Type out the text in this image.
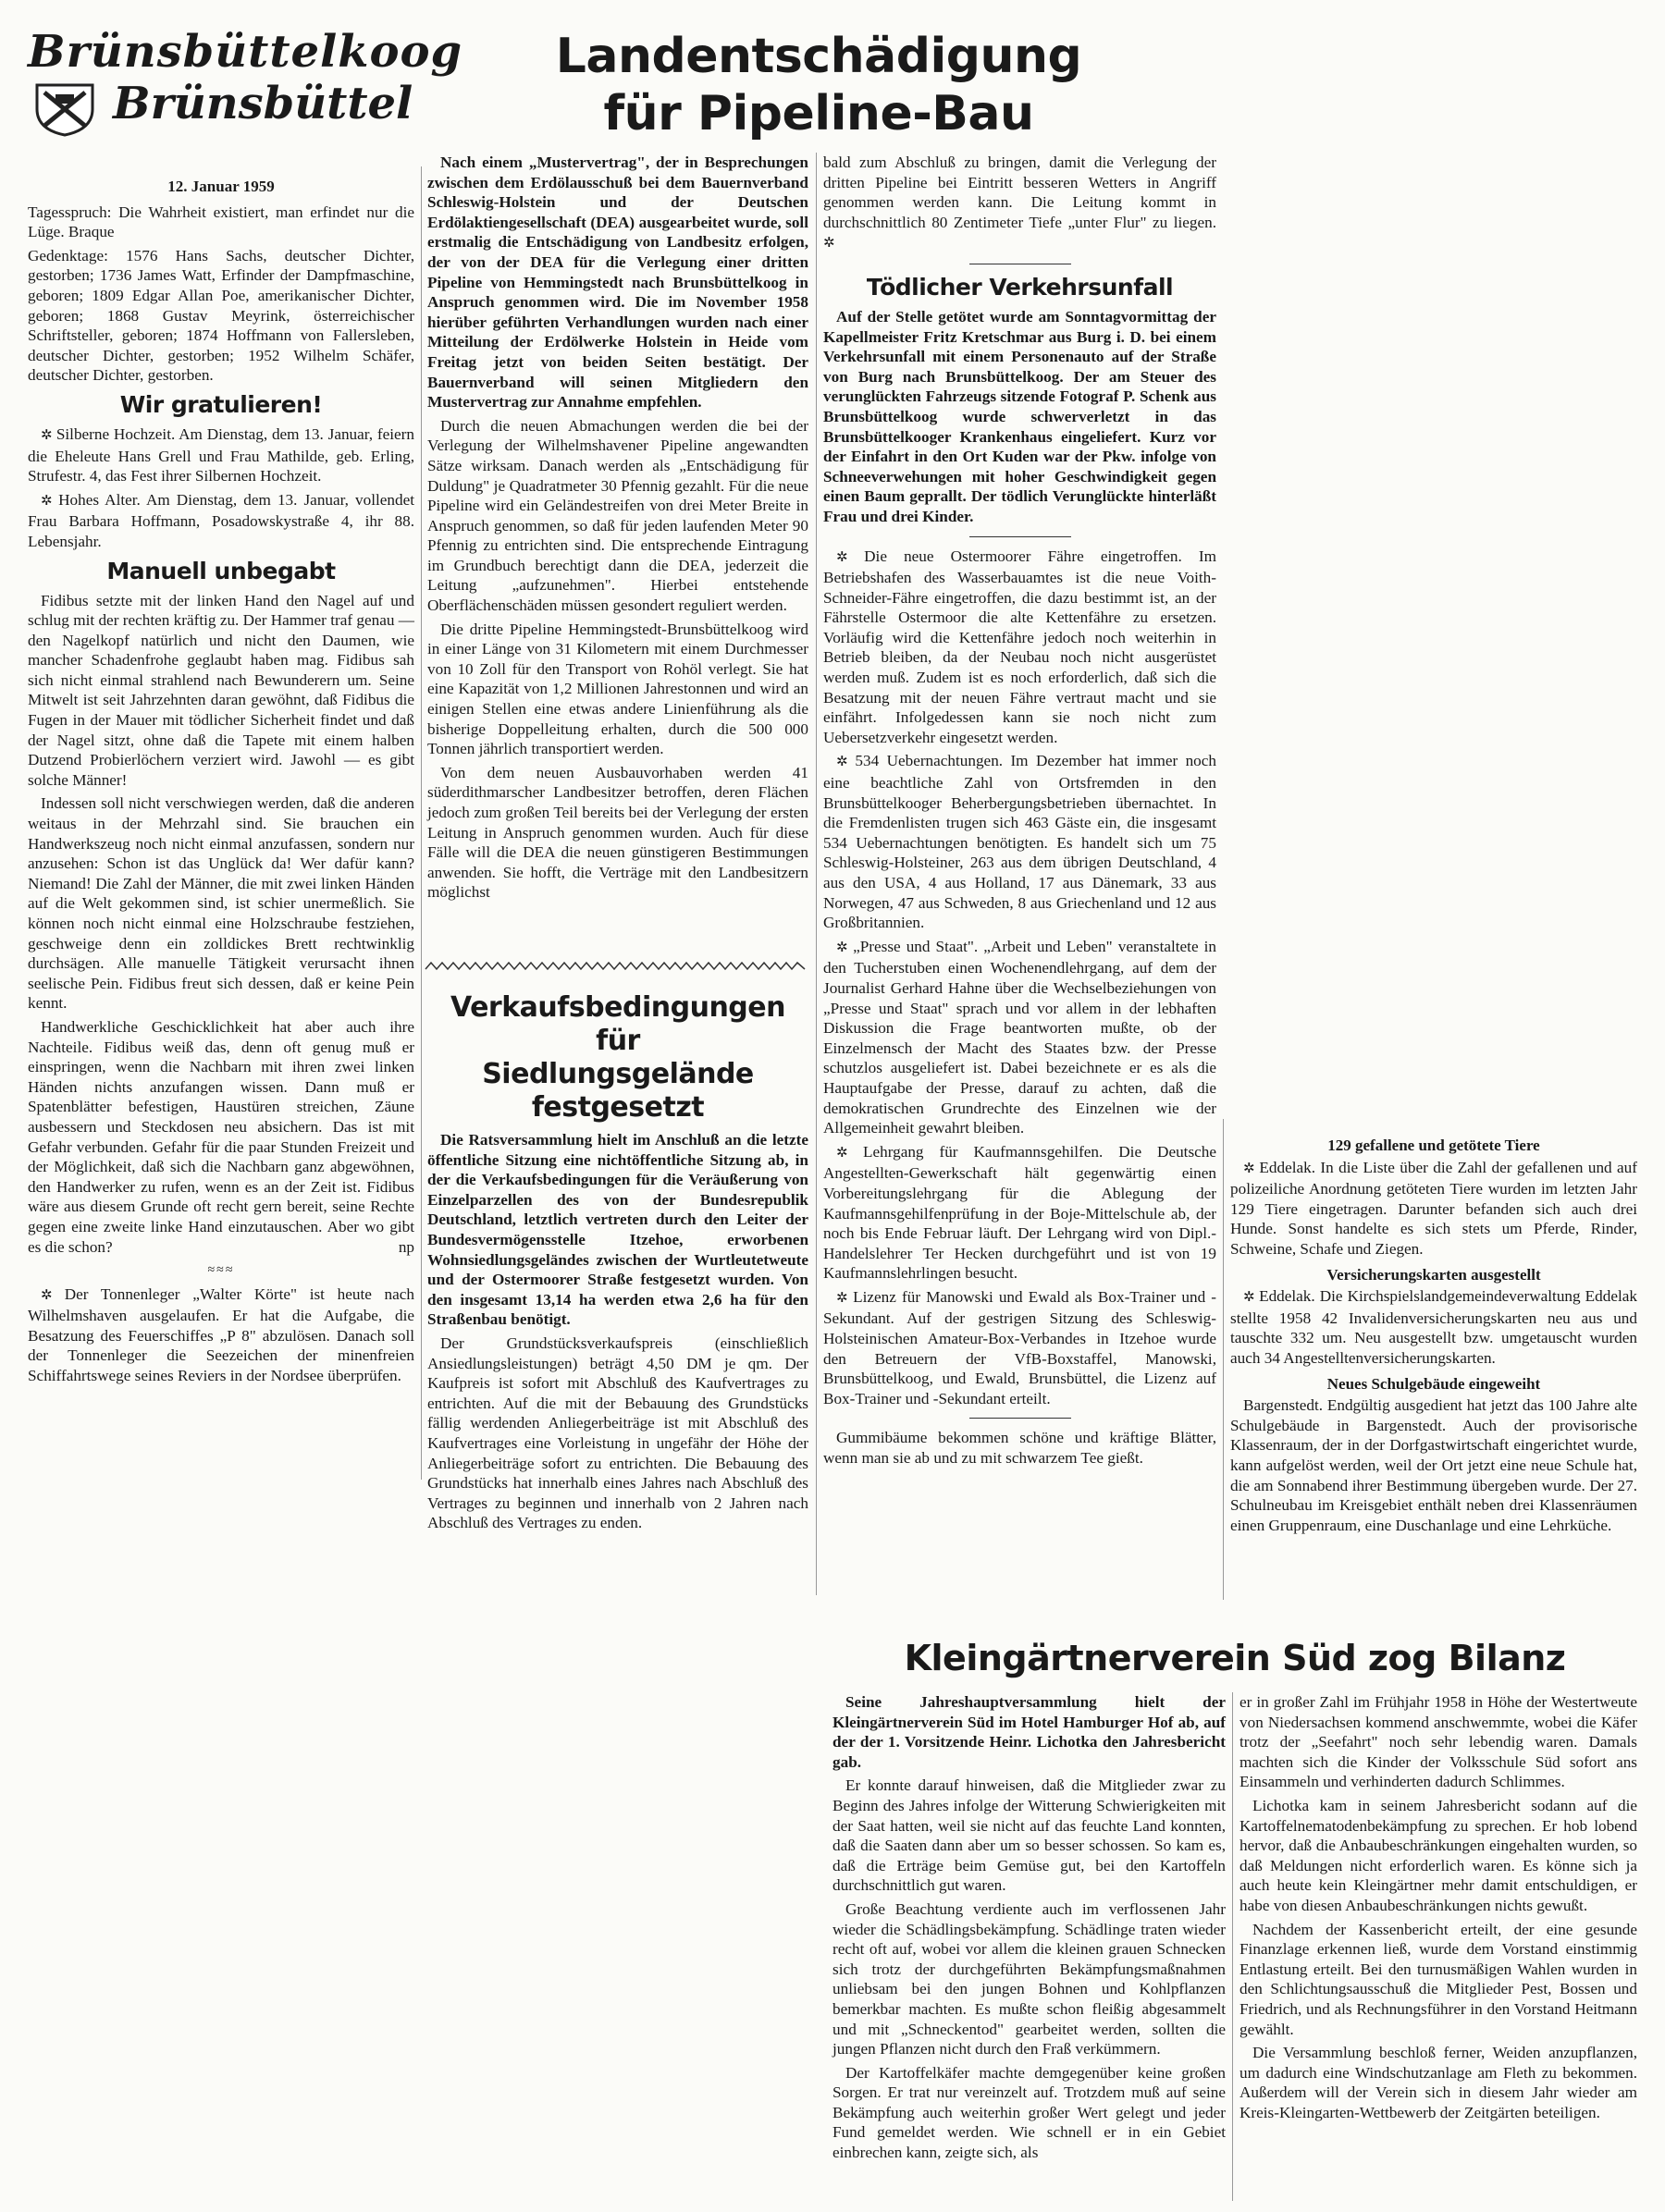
Brünsbüttelkoog
Brünsbüttel
12. Januar 1959

Tagesspruch: Die Wahrheit existiert, man erfindet nur die Lüge. Braque

Gedenktage: 1576 Hans Sachs, deutscher Dichter, gestorben; 1736 James Watt, Erfinder der Dampfmaschine, geboren; 1809 Edgar Allan Poe, amerikanischer Dichter, geboren; 1868 Gustav Meyrink, österreichischer Schriftsteller, geboren; 1874 Hoffmann von Fallersleben, deutscher Dichter, gestorben; 1952 Wilhelm Schäfer, deutscher Dichter, gestorben.

Wir gratulieren!

✲ Silberne Hochzeit. Am Dienstag, dem 13. Januar, feiern die Eheleute Hans Grell und Frau Mathilde, geb. Erling, Strufestr. 4, das Fest ihrer Silbernen Hochzeit.

✲ Hohes Alter. Am Dienstag, dem 13. Januar, vollendet Frau Barbara Hoffmann, Posadowskystraße 4, ihr 88. Lebensjahr.

Manuell unbegabt

Fidibus setzte mit der linken Hand den Nagel auf und schlug mit der rechten kräftig zu. Der Hammer traf genau — den Nagelkopf natürlich und nicht den Daumen, wie mancher Schadenfrohe geglaubt haben mag. Fidibus sah sich nicht einmal strahlend nach Bewunderern um. Seine Mitwelt ist seit Jahrzehnten daran gewöhnt, daß Fidibus die Fugen in der Mauer mit tödlicher Sicherheit findet und daß der Nagel sitzt, ohne daß die Tapete mit einem halben Dutzend Probierlöchern verziert wird. Jawohl — es gibt solche Männer!

Indessen soll nicht verschwiegen werden, daß die anderen weitaus in der Mehrzahl sind. Sie brauchen ein Handwerkszeug noch nicht einmal anzufassen, sondern nur anzusehen: Schon ist das Unglück da! Wer dafür kann? Niemand! Die Zahl der Männer, die mit zwei linken Händen auf die Welt gekommen sind, ist schier unermeßlich. Sie können noch nicht einmal eine Holzschraube festziehen, geschweige denn ein zolldickes Brett rechtwinklig durchsägen. Alle manuelle Tätigkeit verursacht ihnen seelische Pein. Fidibus freut sich dessen, daß er keine Pein kennt.

Handwerkliche Geschicklichkeit hat aber auch ihre Nachteile. Fidibus weiß das, denn oft genug muß er einspringen, wenn die Nachbarn mit ihren zwei linken Händen nichts anzufangen wissen. Dann muß er Spatenblätter befestigen, Haustüren streichen, Zäune ausbessern und Steckdosen neu absichern. Das ist mit Gefahr verbunden. Gefahr für die paar Stunden Freizeit und der Möglichkeit, daß sich die Nachbarn ganz abgewöhnen, den Handwerker zu rufen, wenn es an der Zeit ist. Fidibus wäre aus diesem Grunde oft recht gern bereit, seine Rechte gegen eine zweite linke Hand einzutauschen. Aber wo gibt es die schon?	np

≈≈≈

✲ Der Tonnenleger „Walter Körte" ist heute nach Wilhelmshaven ausgelaufen. Er hat die Aufgabe, die Besatzung des Feuerschiffes „P 8" abzulösen. Danach soll der Tonnenleger die Seezeichen der minenfreien Schiffahrtswege seines Reviers in der Nordsee überprüfen.

Landentschädigung
für Pipeline-Bau

Nach einem „Mustervertrag", der in Besprechungen zwischen dem Erdölausschuß bei dem Bauernverband Schleswig-Holstein und der Deutschen Erdölaktiengesellschaft (DEA) ausgearbeitet wurde, soll erstmalig die Entschädigung von Landbesitz erfolgen, der von der DEA für die Verlegung einer dritten Pipeline von Hemmingstedt nach Brunsbüttelkoog in Anspruch genommen wird. Die im November 1958 hierüber geführten Verhandlungen wurden nach einer Mitteilung der Erdölwerke Holstein in Heide vom Freitag jetzt von beiden Seiten bestätigt. Der Bauernverband will seinen Mitgliedern den Mustervertrag zur Annahme empfehlen.

Durch die neuen Abmachungen werden die bei der Verlegung der Wilhelmshavener Pipeline angewandten Sätze wirksam. Danach werden als „Entschädigung für Duldung" je Quadratmeter 30 Pfennig gezahlt. Für die neue Pipeline wird ein Geländestreifen von drei Meter Breite in Anspruch genommen, so daß für jeden laufenden Meter 90 Pfennig zu entrichten sind. Die entsprechende Eintragung im Grundbuch berechtigt dann die DEA, jederzeit die Leitung „aufzunehmen". Hierbei entstehende Oberflächenschäden müssen gesondert reguliert werden.

Die dritte Pipeline Hemmingstedt-Brunsbüttelkoog wird in einer Länge von 31 Kilometern mit einem Durchmesser von 10 Zoll für den Transport von Rohöl verlegt. Sie hat eine Kapazität von 1,2 Millionen Jahrestonnen und wird an einigen Stellen eine etwas andere Linienführung als die bisherige Doppelleitung erhalten, durch die 500 000 Tonnen jährlich transportiert werden.

Von dem neuen Ausbauvorhaben werden 41 süderdithmarscher Landbesitzer betroffen, deren Flächen jedoch zum großen Teil bereits bei der Verlegung der ersten Leitung in Anspruch genommen wurden. Auch für diese Fälle will die DEA die neuen günstigeren Bestimmungen anwenden. Sie hofft, die Verträge mit den Landbesitzern möglichst

Verkaufsbedingungen für
Siedlungsgelände festgesetzt

Die Ratsversammlung hielt im Anschluß an die letzte öffentliche Sitzung eine nichtöffentliche Sitzung ab, in der die Verkaufsbedingungen für die Veräußerung von Einzelparzellen des von der Bundesrepublik Deutschland, letztlich vertreten durch den Leiter der Bundesvermögensstelle Itzehoe, erworbenen Wohnsiedlungsgeländes zwischen der Wurtleutetweute und der Ostermoorer Straße festgesetzt wurden. Von den insgesamt 13,14 ha werden etwa 2,6 ha für den Straßenbau benötigt.

Der Grundstücksverkaufspreis (einschließlich Ansiedlungsleistungen) beträgt 4,50 DM je qm. Der Kaufpreis ist sofort mit Abschluß des Kaufvertrages zu entrichten. Auf die mit der Bebauung des Grundstücks fällig werdenden Anliegerbeiträge ist mit Abschluß des Kaufvertrages eine Vorleistung in ungefähr der Höhe der Anliegerbeiträge sofort zu entrichten. Die Bebauung des Grundstücks hat innerhalb eines Jahres nach Abschluß des Vertrages zu beginnen und innerhalb von 2 Jahren nach Abschluß des Vertrages zu enden.

bald zum Abschluß zu bringen, damit die Verlegung der dritten Pipeline bei Eintritt besseren Wetters in Angriff genommen werden kann. Die Leitung kommt in durchschnittlich 80 Zentimeter Tiefe „unter Flur" zu liegen. ✲

Tödlicher Verkehrsunfall

Auf der Stelle getötet wurde am Sonntagvormittag der Kapellmeister Fritz Kretschmar aus Burg i. D. bei einem Verkehrsunfall mit einem Personenauto auf der Straße von Burg nach Brunsbüttelkoog. Der am Steuer des verunglückten Fahrzeugs sitzende Fotograf P. Schenk aus Brunsbüttelkoog wurde schwerverletzt in das Brunsbüttelkooger Krankenhaus eingeliefert. Kurz vor der Einfahrt in den Ort Kuden war der Pkw. infolge von Schneeverwehungen mit hoher Geschwindigkeit gegen einen Baum geprallt. Der tödlich Verunglückte hinterläßt Frau und drei Kinder.

✲ Die neue Ostermoorer Fähre eingetroffen. Im Betriebshafen des Wasserbauamtes ist die neue Voith-Schneider-Fähre eingetroffen, die dazu bestimmt ist, an der Fährstelle Ostermoor die alte Kettenfähre zu ersetzen. Vorläufig wird die Kettenfähre jedoch noch weiterhin in Betrieb bleiben, da der Neubau noch nicht ausgerüstet werden muß. Zudem ist es noch erforderlich, daß sich die Besatzung mit der neuen Fähre vertraut macht und sie einfährt. Infolgedessen kann sie noch nicht zum Uebersetzverkehr eingesetzt werden.

✲ 534 Uebernachtungen. Im Dezember hat immer noch eine beachtliche Zahl von Ortsfremden in den Brunsbüttelkooger Beherbergungsbetrieben übernachtet. In die Fremdenlisten trugen sich 463 Gäste ein, die insgesamt 534 Uebernachtungen benötigten. Es handelt sich um 75 Schleswig-Holsteiner, 263 aus dem übrigen Deutschland, 4 aus den USA, 4 aus Holland, 17 aus Dänemark, 33 aus Norwegen, 47 aus Schweden, 8 aus Griechenland und 12 aus Großbritannien.

✲ „Presse und Staat". „Arbeit und Leben" veranstaltete in den Tucherstuben einen Wochenendlehrgang, auf dem der Journalist Gerhard Hahne über die Wechselbeziehungen von „Presse und Staat" sprach und vor allem in der lebhaften Diskussion die Frage beantworten mußte, ob der Einzelmensch der Macht des Staates bzw. der Presse schutzlos ausgeliefert ist. Dabei bezeichnete er es als die Hauptaufgabe der Presse, darauf zu achten, daß die demokratischen Grundrechte des Einzelnen wie der Allgemeinheit gewahrt bleiben.

✲ Lehrgang für Kaufmannsgehilfen. Die Deutsche Angestellten-Gewerkschaft hält gegenwärtig einen Vorbereitungslehrgang für die Ablegung der Kaufmannsgehilfenprüfung in der Boje-Mittelschule ab, der noch bis Ende Februar läuft. Der Lehrgang wird von Dipl.-Handelslehrer Ter Hecken durchgeführt und ist von 19 Kaufmannslehrlingen besucht.

✲ Lizenz für Manowski und Ewald als Box-Trainer und -Sekundant. Auf der gestrigen Sitzung des Schleswig-Holsteinischen Amateur-Box-Verbandes in Itzehoe wurde den Betreuern der VfB-Boxstaffel, Manowski, Brunsbüttelkoog, und Ewald, Brunsbüttel, die Lizenz auf Box-Trainer und -Sekundant erteilt.

Gummibäume bekommen schöne und kräftige Blätter, wenn man sie ab und zu mit schwarzem Tee gießt.

129 gefallene und getötete Tiere

✲ Eddelak. In die Liste über die Zahl der gefallenen und auf polizeiliche Anordnung getöteten Tiere wurden im letzten Jahr 129 Tiere eingetragen. Darunter befanden sich auch drei Hunde. Sonst handelte es sich stets um Pferde, Rinder, Schweine, Schafe und Ziegen.

Versicherungskarten ausgestellt

✲ Eddelak. Die Kirchspielslandgemeindeverwaltung Eddelak stellte 1958 42 Invalidenversicherungskarten neu aus und tauschte 332 um. Neu ausgestellt bzw. umgetauscht wurden auch 34 Angestelltenversicherungskarten.

Neues Schulgebäude eingeweiht

Bargenstedt. Endgültig ausgedient hat jetzt das 100 Jahre alte Schulgebäude in Bargenstedt. Auch der provisorische Klassenraum, der in der Dorfgastwirtschaft eingerichtet wurde, kann aufgelöst werden, weil der Ort jetzt eine neue Schule hat, die am Sonnabend ihrer Bestimmung übergeben wurde. Der 27. Schulneubau im Kreisgebiet enthält neben drei Klassenräumen einen Gruppenraum, eine Duschanlage und eine Lehrküche.

Kleingärtnerverein Süd zog Bilanz

Seine Jahreshauptversammlung hielt der Kleingärtnerverein Süd im Hotel Hamburger Hof ab, auf der der 1. Vorsitzende Heinr. Lichotka den Jahresbericht gab.

Er konnte darauf hinweisen, daß die Mitglieder zwar zu Beginn des Jahres infolge der Witterung Schwierigkeiten mit der Saat hatten, weil sie nicht auf das feuchte Land konnten, daß die Saaten dann aber um so besser schossen. So kam es, daß die Erträge beim Gemüse gut, bei den Kartoffeln durchschnittlich gut waren.

Große Beachtung verdiente auch im verflossenen Jahr wieder die Schädlingsbekämpfung. Schädlinge traten wieder recht oft auf, wobei vor allem die kleinen grauen Schnecken sich trotz der durchgeführten Bekämpfungsmaßnahmen unliebsam bei den jungen Bohnen und Kohlpflanzen bemerkbar machten. Es mußte schon fleißig abgesammelt und mit „Schneckentod" gearbeitet werden, sollten die jungen Pflanzen nicht durch den Fraß verkümmern.

Der Kartoffelkäfer machte demgegenüber keine großen Sorgen. Er trat nur vereinzelt auf. Trotzdem muß auf seine Bekämpfung auch weiterhin großer Wert gelegt und jeder Fund gemeldet werden. Wie schnell er in ein Gebiet einbrechen kann, zeigte sich, als

er in großer Zahl im Frühjahr 1958 in Höhe der Westertweute von Niedersachsen kommend anschwemmte, wobei die Käfer trotz der „Seefahrt" noch sehr lebendig waren. Damals machten sich die Kinder der Volksschule Süd sofort ans Einsammeln und verhinderten dadurch Schlimmes.

Lichotka kam in seinem Jahresbericht sodann auf die Kartoffelnematodenbekämpfung zu sprechen. Er hob lobend hervor, daß die Anbaubeschränkungen eingehalten wurden, so daß Meldungen nicht erforderlich waren. Es könne sich ja auch heute kein Kleingärtner mehr damit entschuldigen, er habe von diesen Anbaubeschränkungen nichts gewußt.

Nachdem der Kassenbericht erteilt, der eine gesunde Finanzlage erkennen ließ, wurde dem Vorstand einstimmig Entlastung erteilt. Bei den turnusmäßigen Wahlen wurden in den Schlichtungsausschuß die Mitglieder Pest, Bossen und Friedrich, und als Rechnungsführer in den Vorstand Heitmann gewählt.

Die Versammlung beschloß ferner, Weiden anzupflanzen, um dadurch eine Windschutzanlage am Fleth zu bekommen. Außerdem will der Verein sich in diesem Jahr wieder am Kreis-Kleingarten-Wettbewerb der Zeitgärten beteiligen.
